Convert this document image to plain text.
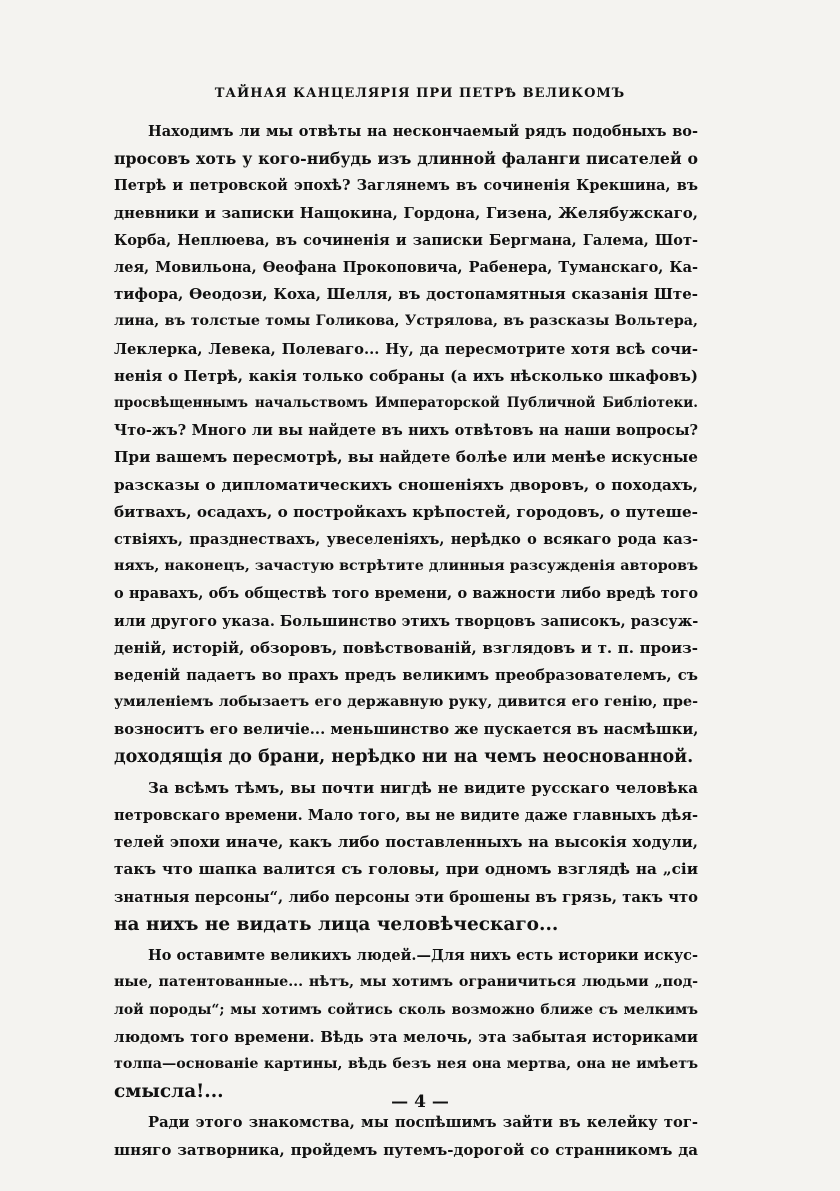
ТАЙНАЯ КАНЦЕЛЯРІЯ ПРИ ПЕТРѢ ВЕЛИКОМЪ
Находимъ ли мы отвѣты на нескончаемый рядъ подобныхъ во-
просовъ хоть у кого-нибудь изъ длинной фаланги писателей о
Петрѣ и петровской эпохѣ? Заглянемъ въ сочиненія Крекшина, въ
дневники и записки Нащокина, Гордона, Гизена, Желябужскаго,
Корба, Неплюева, въ сочиненія и записки Бергмана, Галема, Шот-
лея, Мовильона, Ѳеофана Прокоповича, Рабенера, Туманскаго, Ка-
тифора, Ѳеодози, Коха, Шелля, въ достопамятныя сказанія Ште-
лина, въ толстые томы Голикова, Устрялова, въ разсказы Вольтера,
Леклерка, Левека, Полеваго... Ну, да пересмотрите хотя всѣ сочи-
ненія о Петрѣ, какія только собраны (а ихъ нѣсколько шкафовъ)
просвѣщеннымъ начальствомъ Императорской Публичной Библіотеки.
Что-жъ? Много ли вы найдете въ нихъ отвѣтовъ на наши вопросы?
При вашемъ пересмотрѣ, вы найдете болѣе или менѣе искусные
разсказы о дипломатическихъ сношеніяхъ дворовъ, о походахъ,
битвахъ, осадахъ, о постройкахъ крѣпостей, городовъ, о путеше-
ствіяхъ, празднествахъ, увеселеніяхъ, нерѣдко о всякаго рода каз-
няхъ, наконецъ, зачастую встрѣтите длинныя разсужденія авторовъ
о нравахъ, объ обществѣ того времени, о важности либо вредѣ того
или другого указа. Большинство этихъ творцовъ записокъ, разсуж-
деній, исторій, обзоровъ, повѣствованій, взглядовъ и т. п. произ-
веденій падаетъ во прахъ предъ великимъ преобразователемъ, съ
умиленіемъ лобызаетъ его державную руку, дивится его генію, пре-
возноситъ его величіе... меньшинство же пускается въ насмѣшки,
доходящія до брани, нерѣдко ни на чемъ неоснованной.
За всѣмъ тѣмъ, вы почти нигдѣ не видите русскаго человѣка
петровскаго времени. Мало того, вы не видите даже главныхъ дѣя-
телей эпохи иначе, какъ либо поставленныхъ на высокія ходули,
такъ что шапка валится съ головы, при одномъ взглядѣ на „сіи
знатныя персоны“, либо персоны эти брошены въ грязь, такъ что
на нихъ не видать лица человѣческаго...
Но оставимте великихъ людей.—Для нихъ есть историки искус-
ные, патентованные... нѣтъ, мы хотимъ ограничиться людьми „под-
лой породы“; мы хотимъ сойтись сколь возможно ближе съ мелкимъ
людомъ того времени. Вѣдь эта мелочь, эта забытая историками
толпа—основаніе картины, вѣдь безъ нея она мертва, она не имѣетъ
смысла!...
Ради этого знакомства, мы поспѣшимъ зайти въ келейку тог-
шняго затворника, пройдемъ путемъ-дорогой со странникомъ да
— 4 —
